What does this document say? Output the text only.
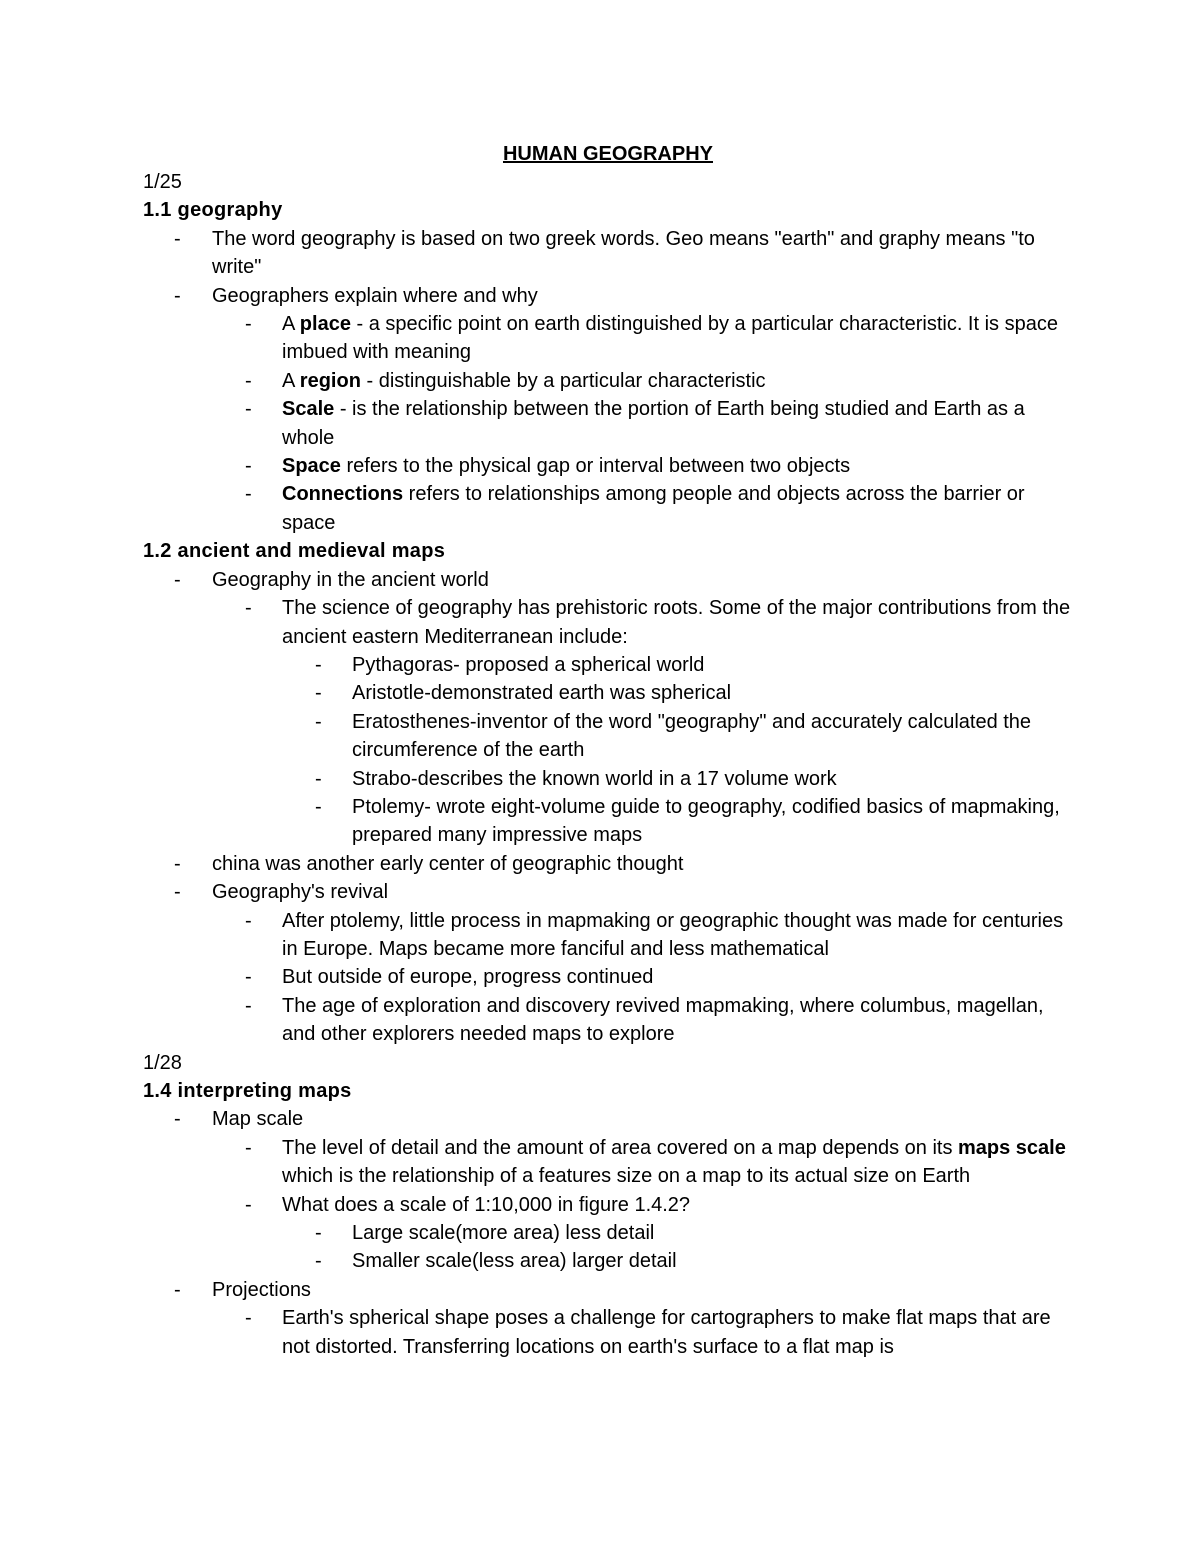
HUMAN GEOGRAPHY
1/25
1.1 geography
- The word geography is based on two greek words. Geo means "earth" and graphy means "to write"
- Geographers explain where and why
- A place - a specific point on earth distinguished by a particular characteristic. It is space imbued with meaning
- A region - distinguishable by a particular characteristic
- Scale - is the relationship between the portion of Earth being studied and Earth as a whole
- Space refers to the physical gap or interval between two objects
- Connections refers to relationships among people and objects across the barrier or space
1.2 ancient and medieval maps
- Geography in the ancient world
- The science of geography has prehistoric roots. Some of the major contributions from the ancient eastern Mediterranean include:
- Pythagoras- proposed a spherical world
- Aristotle-demonstrated earth was spherical
- Eratosthenes-inventor of the word "geography" and accurately calculated the circumference of the earth
- Strabo-describes the known world in a 17 volume work
- Ptolemy- wrote eight-volume guide to geography, codified basics of mapmaking, prepared many impressive maps
- china was another early center of geographic thought
- Geography's revival
- After ptolemy, little process in mapmaking or geographic thought was made for centuries in Europe. Maps became more fanciful and less mathematical
- But outside of europe, progress continued
- The age of exploration and discovery revived mapmaking, where columbus, magellan, and other explorers needed maps to explore
1/28
1.4 interpreting maps
- Map scale
- The level of detail and the amount of area covered on a map depends on its maps scale which is the relationship of a features size on a map to its actual size on Earth
- What does a scale of 1:10,000 in figure 1.4.2?
- Large scale(more area) less detail
- Smaller scale(less area) larger detail
- Projections
- Earth's spherical shape poses a challenge for cartographers to make flat maps that are not distorted. Transferring locations on earth's surface to a flat map is
